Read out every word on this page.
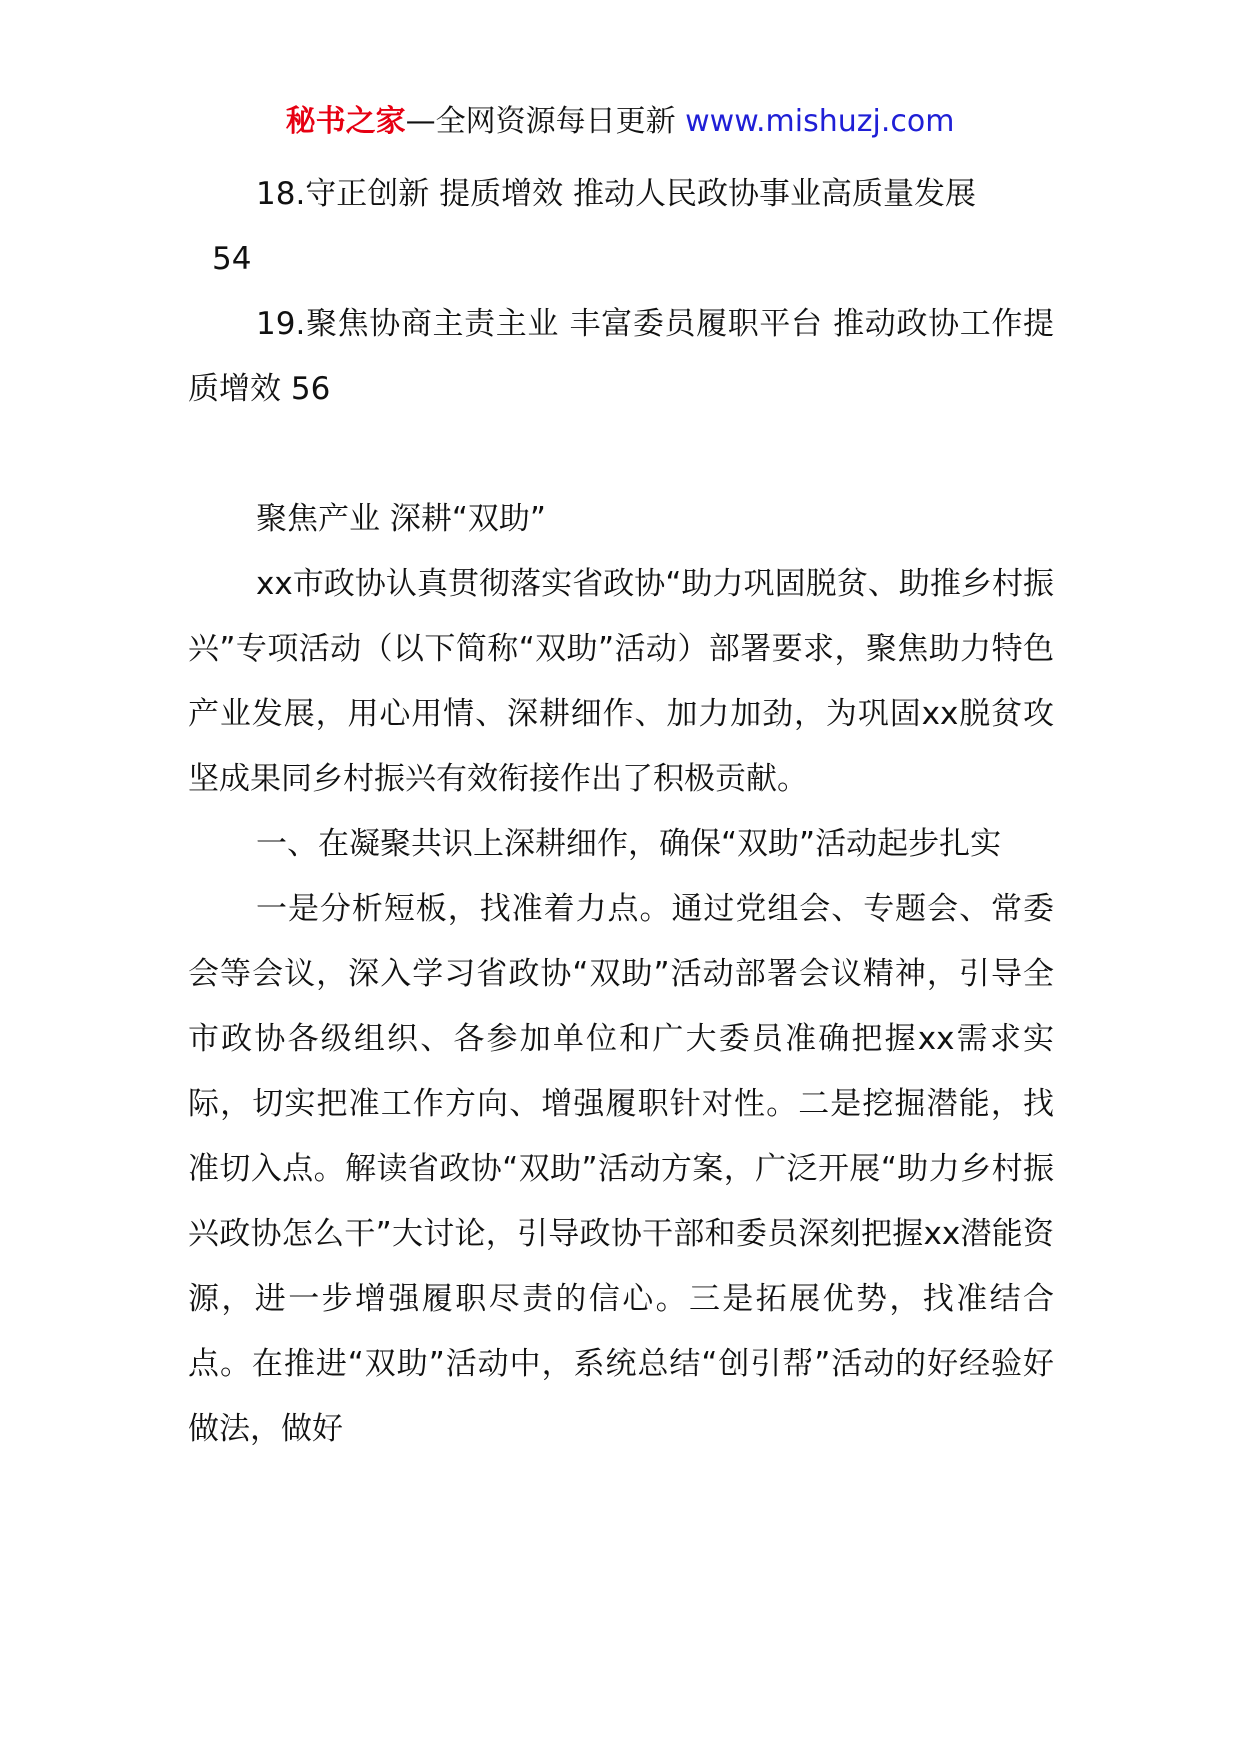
秘书之家—全网资源每日更新 www.mishuzj.com

18.守正创新 提质增效 推动人民政协事业高质量发展
54

19.聚焦协商主责主业 丰富委员履职平台 推动政协工作提质增效 56

聚焦产业 深耕“双助”

xx市政协认真贯彻落实省政协“助力巩固脱贫、助推乡村振兴”专项活动（以下简称“双助”活动）部署要求，聚焦助力特色产业发展，用心用情、深耕细作、加力加劲，为巩固xx脱贫攻坚成果同乡村振兴有效衔接作出了积极贡献。

一、在凝聚共识上深耕细作，确保“双助”活动起步扎实

一是分析短板，找准着力点。通过党组会、专题会、常委会等会议，深入学习省政协“双助”活动部署会议精神，引导全市政协各级组织、各参加单位和广大委员准确把握xx需求实际，切实把准工作方向、增强履职针对性。二是挖掘潜能，找准切入点。解读省政协“双助”活动方案，广泛开展“助力乡村振兴政协怎么干”大讨论，引导政协干部和委员深刻把握xx潜能资源，进一步增强履职尽责的信心。三是拓展优势，找准结合点。在推进“双助”活动中，系统总结“创引帮”活动的好经验好做法，做好
